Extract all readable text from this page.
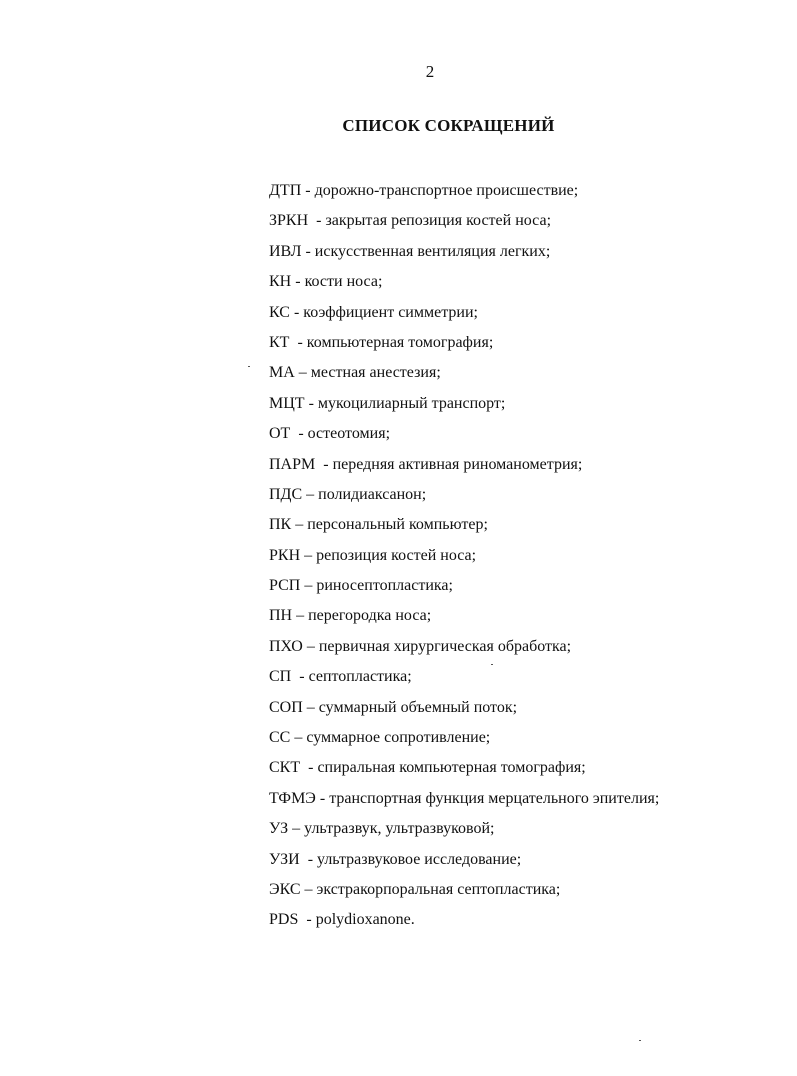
2
СПИСОК СОКРАЩЕНИЙ
ДТП - дорожно-транспортное происшествие;
ЗРКН  - закрытая репозиция костей носа;
ИВЛ - искусственная вентиляция легких;
КН - кости носа;
КС - коэффициент симметрии;
КТ  - компьютерная томография;
МА – местная анестезия;
МЦТ - мукоцилиарный транспорт;
ОТ  - остеотомия;
ПАРМ  - передняя активная риноманометрия;
ПДС – полидиаксанон;
ПК – персональный компьютер;
РКН – репозиция костей носа;
РСП – риносептопластика;
ПН – перегородка носа;
ПХО – первичная хирургическая обработка;
СП  - септопластика;
СОП – суммарный объемный поток;
СС – суммарное сопротивление;
СКТ  - спиральная компьютерная томография;
ТФМЭ - транспортная функция мерцательного эпителия;
УЗ – ультразвук, ультразвуковой;
УЗИ  - ультразвуковое исследование;
ЭКС – экстракорпоральная септопластика;
PDS  - polydioxanone.
